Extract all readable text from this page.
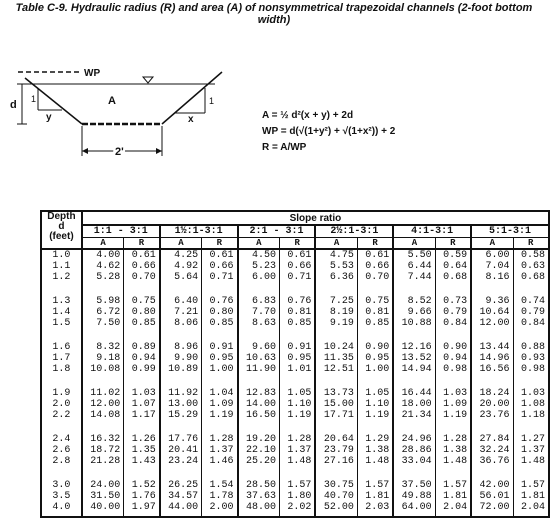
Table C-9. Hydraulic radius (R) and area (A) of nonsymmetrical trapezoidal channels (2-foot bottom width)
WP
d	A
1
y
1
x
2'
A = ½ d²(x + y) + 2d
WP = d(√(1+y²) + √(1+x²)) + 2
R = A/WP
Depth
d
(feet)	Slope ratio											
	1:1 - 3:1		1½:1-3:1		2:1 - 3:1		2½:1-3:1		4:1-3:1		5:1-3:1	
	A	R	A	R	A	R	A	R	A	R	A	R
1.0	4.00	0.61	4.25	0.61	4.50	0.61	4.75	0.61	5.50	0.59	6.00	0.58
1.1	4.62	0.66	4.92	0.66	5.23	0.66	5.53	0.66	6.44	0.64	7.04	0.63
1.2	5.28	0.70	5.64	0.71	6.00	0.71	6.36	0.70	7.44	0.68	8.16	0.68

1.3	5.98	0.75	6.40	0.76	6.83	0.76	7.25	0.75	8.52	0.73	9.36	0.74
1.4	6.72	0.80	7.21	0.80	7.70	0.81	8.19	0.81	9.66	0.79	10.64	0.79
1.5	7.50	0.85	8.06	0.85	8.63	0.85	9.19	0.85	10.88	0.84	12.00	0.84

1.6	8.32	0.89	8.96	0.91	9.60	0.91	10.24	0.90	12.16	0.90	13.44	0.88
1.7	9.18	0.94	9.90	0.95	10.63	0.95	11.35	0.95	13.52	0.94	14.96	0.93
1.8	10.08	0.99	10.89	1.00	11.90	1.01	12.51	1.00	14.94	0.98	16.56	0.98

1.9	11.02	1.03	11.92	1.04	12.83	1.05	13.73	1.05	16.44	1.03	18.24	1.03
2.0	12.00	1.07	13.00	1.09	14.00	1.10	15.00	1.10	18.00	1.09	20.00	1.08
2.2	14.08	1.17	15.29	1.19	16.50	1.19	17.71	1.19	21.34	1.19	23.76	1.18

2.4	16.32	1.26	17.76	1.28	19.20	1.28	20.64	1.29	24.96	1.28	27.84	1.27
2.6	18.72	1.35	20.41	1.37	22.10	1.37	23.79	1.38	28.86	1.38	32.24	1.37
2.8	21.28	1.43	23.24	1.46	25.20	1.48	27.16	1.48	33.04	1.48	36.76	1.48

3.0	24.00	1.52	26.25	1.54	28.50	1.57	30.75	1.57	37.50	1.57	42.00	1.57
3.5	31.50	1.76	34.57	1.78	37.63	1.80	40.70	1.81	49.88	1.81	56.01	1.81
4.0	40.00	1.97	44.00	2.00	48.00	2.02	52.00	2.03	64.00	2.04	72.00	2.04
